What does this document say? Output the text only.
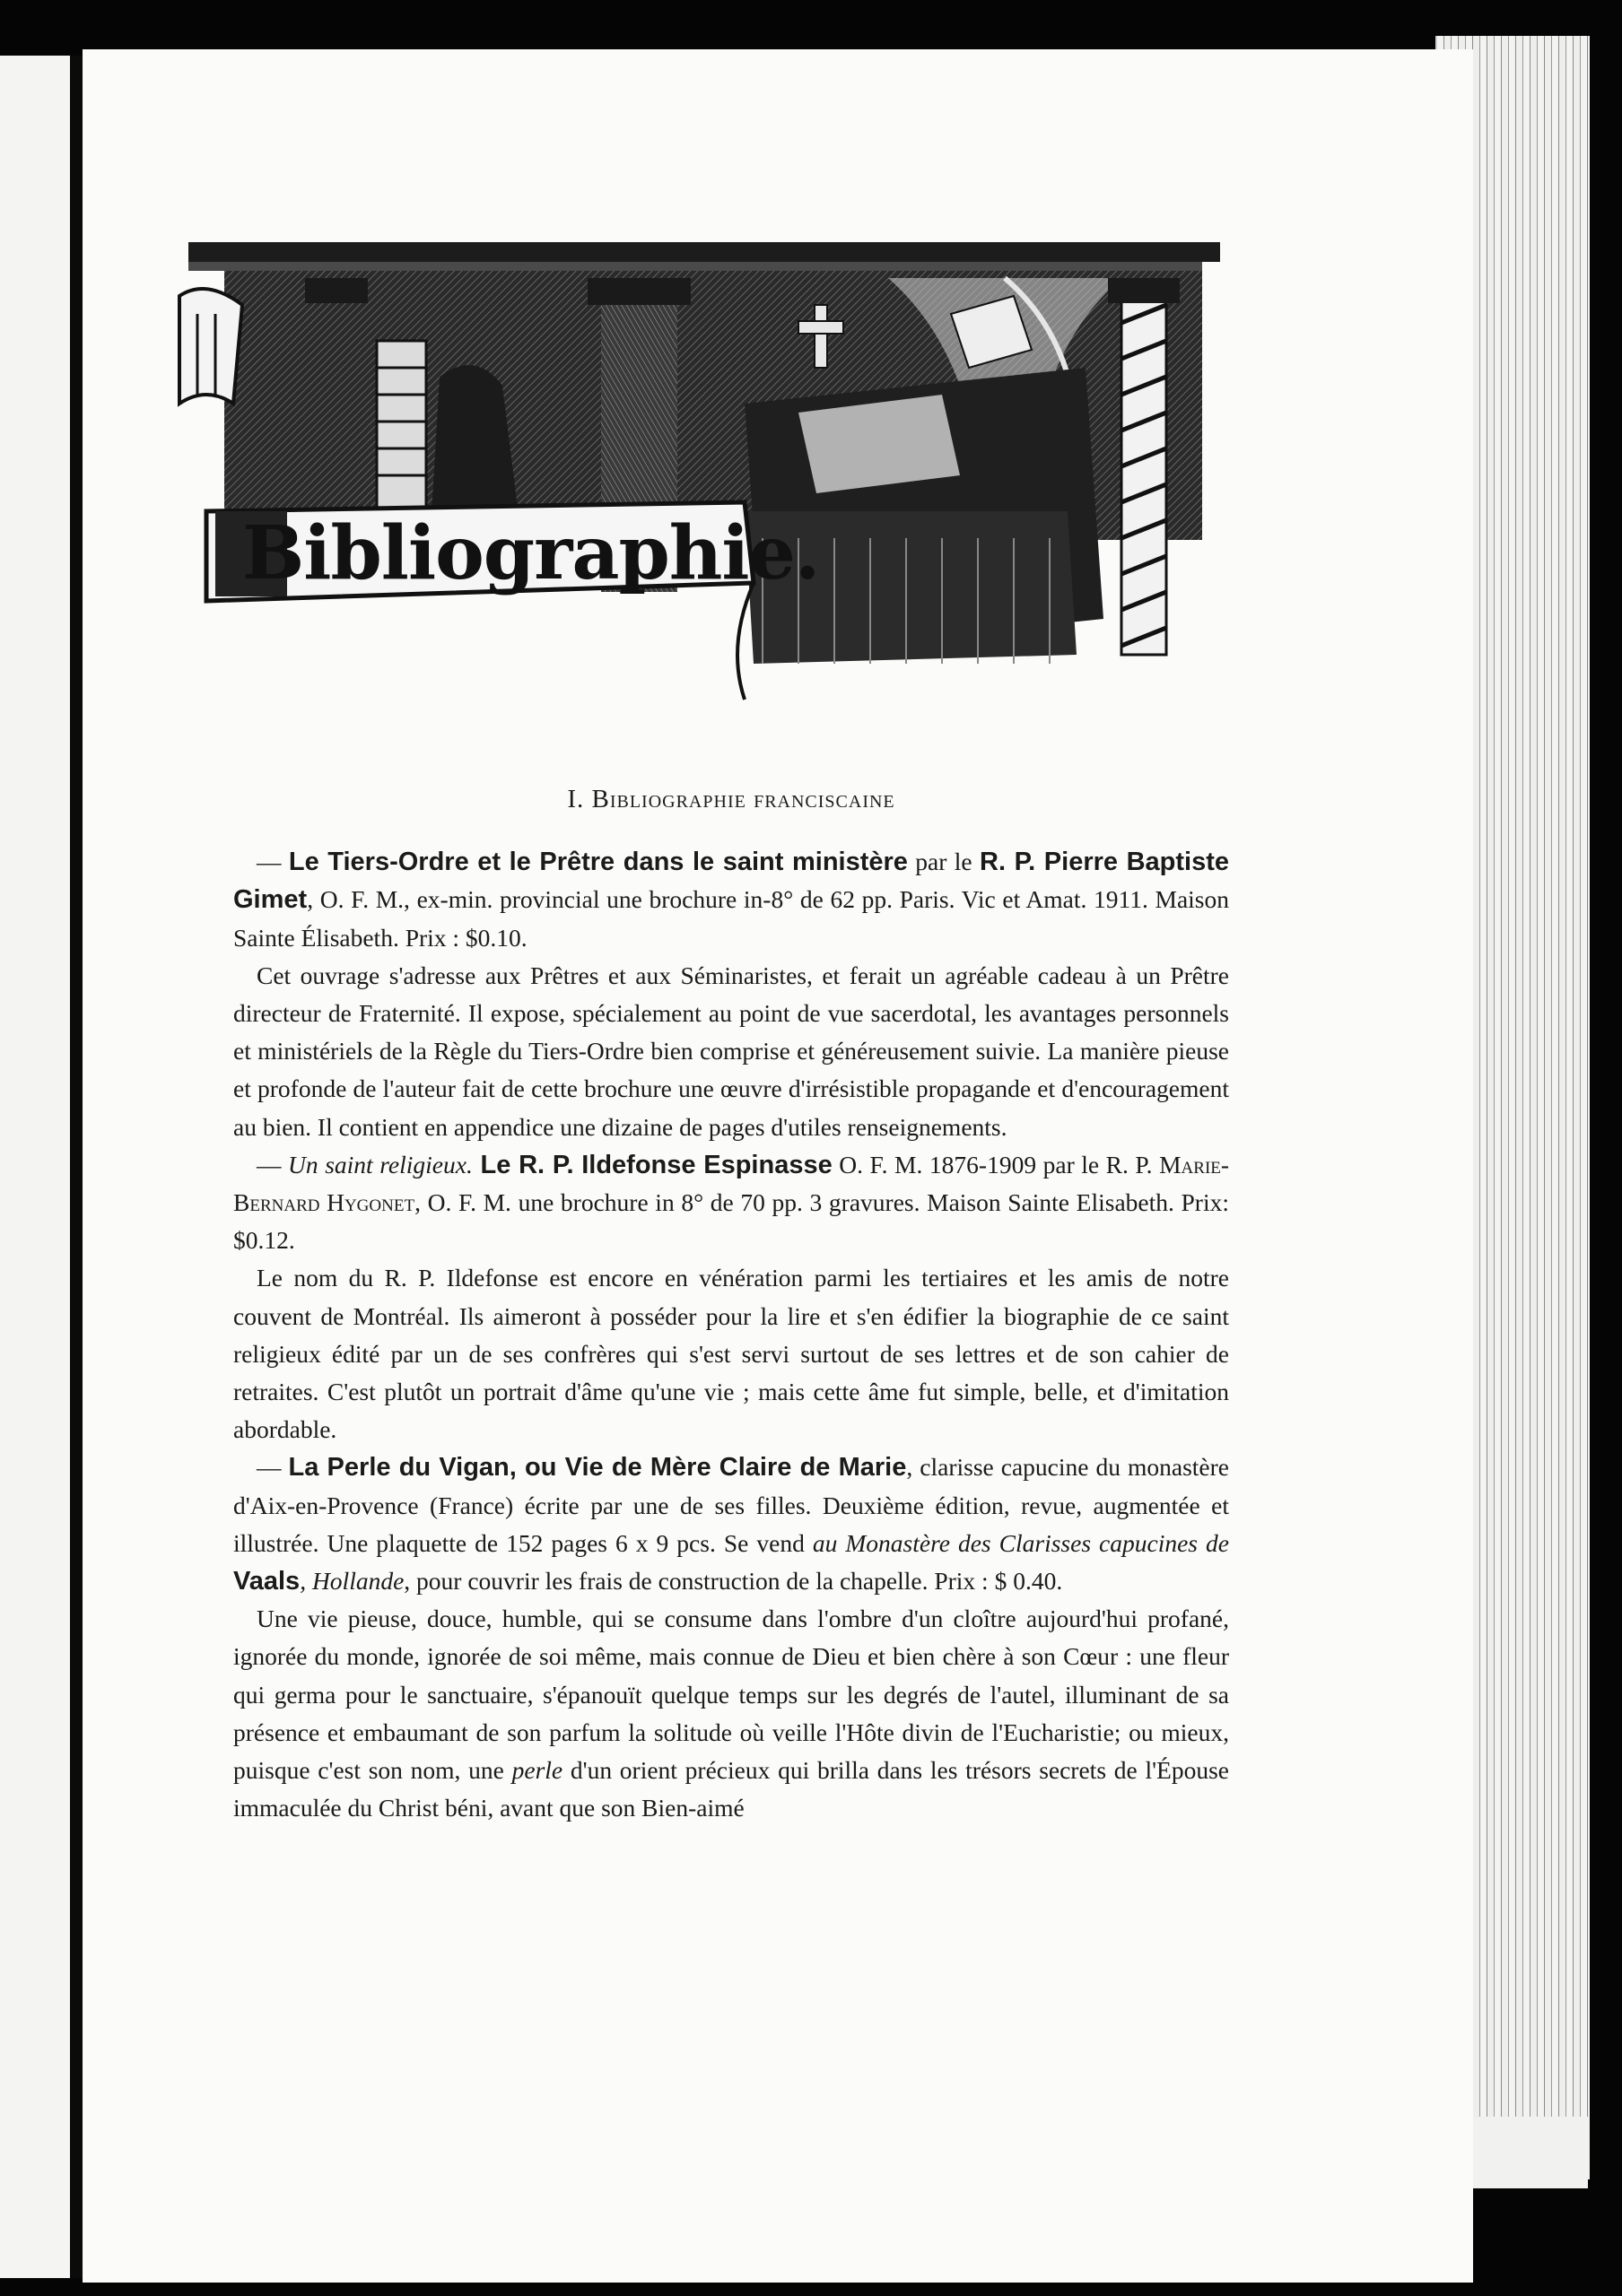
Bibliographie.
I. Bibliographie franciscaine

— Le Tiers-Ordre et le Prêtre dans le saint ministère par le R. P. Pierre Baptiste Gimet, O. F. M., ex-min. provincial une brochure in-8° de 62 pp. Paris. Vic et Amat. 1911. Maison Sainte Élisabeth. Prix : $0.10.

Cet ouvrage s'adresse aux Prêtres et aux Séminaristes, et ferait un agréable cadeau à un Prêtre directeur de Fraternité. Il expose, spécialement au point de vue sacerdotal, les avantages personnels et ministériels de la Règle du Tiers-Ordre bien comprise et généreusement suivie. La manière pieuse et profonde de l'auteur fait de cette brochure une œuvre d'irrésistible propagande et d'encouragement au bien. Il contient en appendice une dizaine de pages d'utiles renseignements.

— Un saint religieux. Le R. P. Ildefonse Espinasse O. F. M. 1876-1909 par le R. P. Marie-Bernard Hygonet, O. F. M. une brochure in 8° de 70 pp. 3 gravures. Maison Sainte Elisabeth. Prix: $0.12.

Le nom du R. P. Ildefonse est encore en vénération parmi les tertiaires et les amis de notre couvent de Montréal. Ils aimeront à posséder pour la lire et s'en édifier la biographie de ce saint religieux édité par un de ses confrères qui s'est servi surtout de ses lettres et de son cahier de retraites. C'est plutôt un portrait d'âme qu'une vie ; mais cette âme fut simple, belle, et d'imitation abordable.

— La Perle du Vigan, ou Vie de Mère Claire de Marie, clarisse capucine du monastère d'Aix-en-Provence (France) écrite par une de ses filles. Deuxième édition, revue, augmentée et illustrée. Une plaquette de 152 pages 6 x 9 pcs. Se vend au Monastère des Clarisses capucines de Vaals, Hollande, pour couvrir les frais de construction de la chapelle. Prix : $ 0.40.

Une vie pieuse, douce, humble, qui se consume dans l'ombre d'un cloître aujourd'hui profané, ignorée du monde, ignorée de soi même, mais connue de Dieu et bien chère à son Cœur : une fleur qui germa pour le sanctuaire, s'épanouït quelque temps sur les degrés de l'autel, illuminant de sa présence et embaumant de son parfum la solitude où veille l'Hôte divin de l'Eucharistie; ou mieux, puisque c'est son nom, une perle d'un orient précieux qui brilla dans les trésors secrets de l'Épouse immaculée du Christ béni, avant que son Bien-aimé
